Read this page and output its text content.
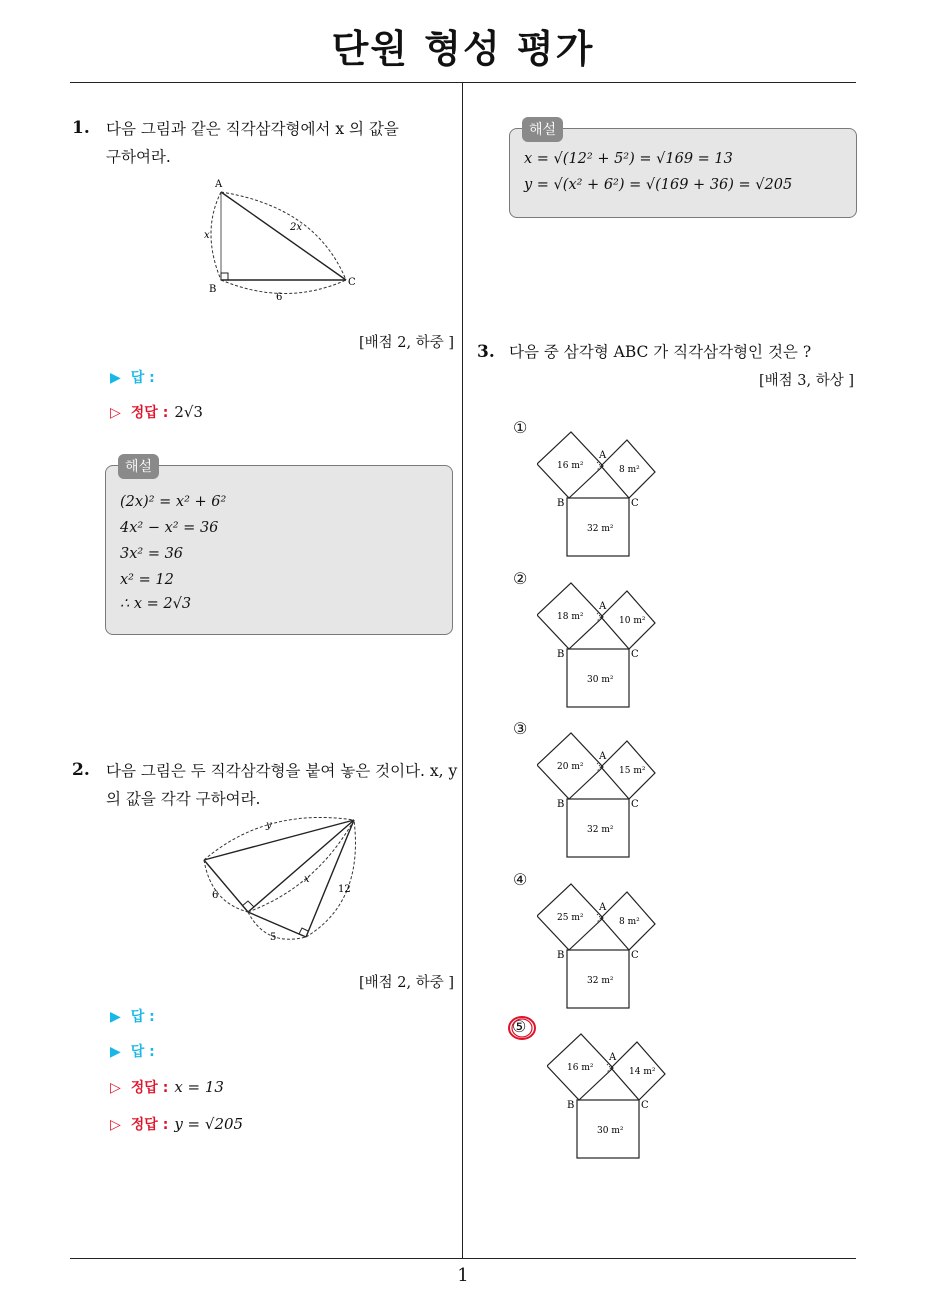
단원 형성 평가
1
1. 다음 그림과 같은 직각삼각형에서 x 의 값을
구하여라.
A
B
C
x
2x
6
[배점 2, 하중 ]
▶ 답 :
▷ 정답 : 2√3
해설
(2x)² = x² + 6²
4x² − x² = 36
3x² = 36
x² = 12
∴ x = 2√3
2. 다음 그림은 두 직각삼각형을 붙여 놓은 것이다. x, y
의 값을 각각 구하여라.
y
x
6
5
12
[배점 2, 하중 ]
▶ 답 :
▶ 답 :
▷ 정답 : x = 13
▷ 정답 : y = √205
해설
x = √(12² + 5²) = √169 = 13
y = √(x² + 6²) = √(169 + 36) = √205
3. 다음 중 삼각형 ABC 가 직각삼각형인 것은 ?
[배점 3, 하상 ]
①
A
B	C
16 m²	8 m²
32 m²
②
A
B	C
18 m²	10 m²
30 m²
③
A
B	C
20 m²	15 m²
32 m²
④
A
B	C
25 m²	8 m²
32 m²
⑤
A
B	C
16 m²	14 m²
30 m²
